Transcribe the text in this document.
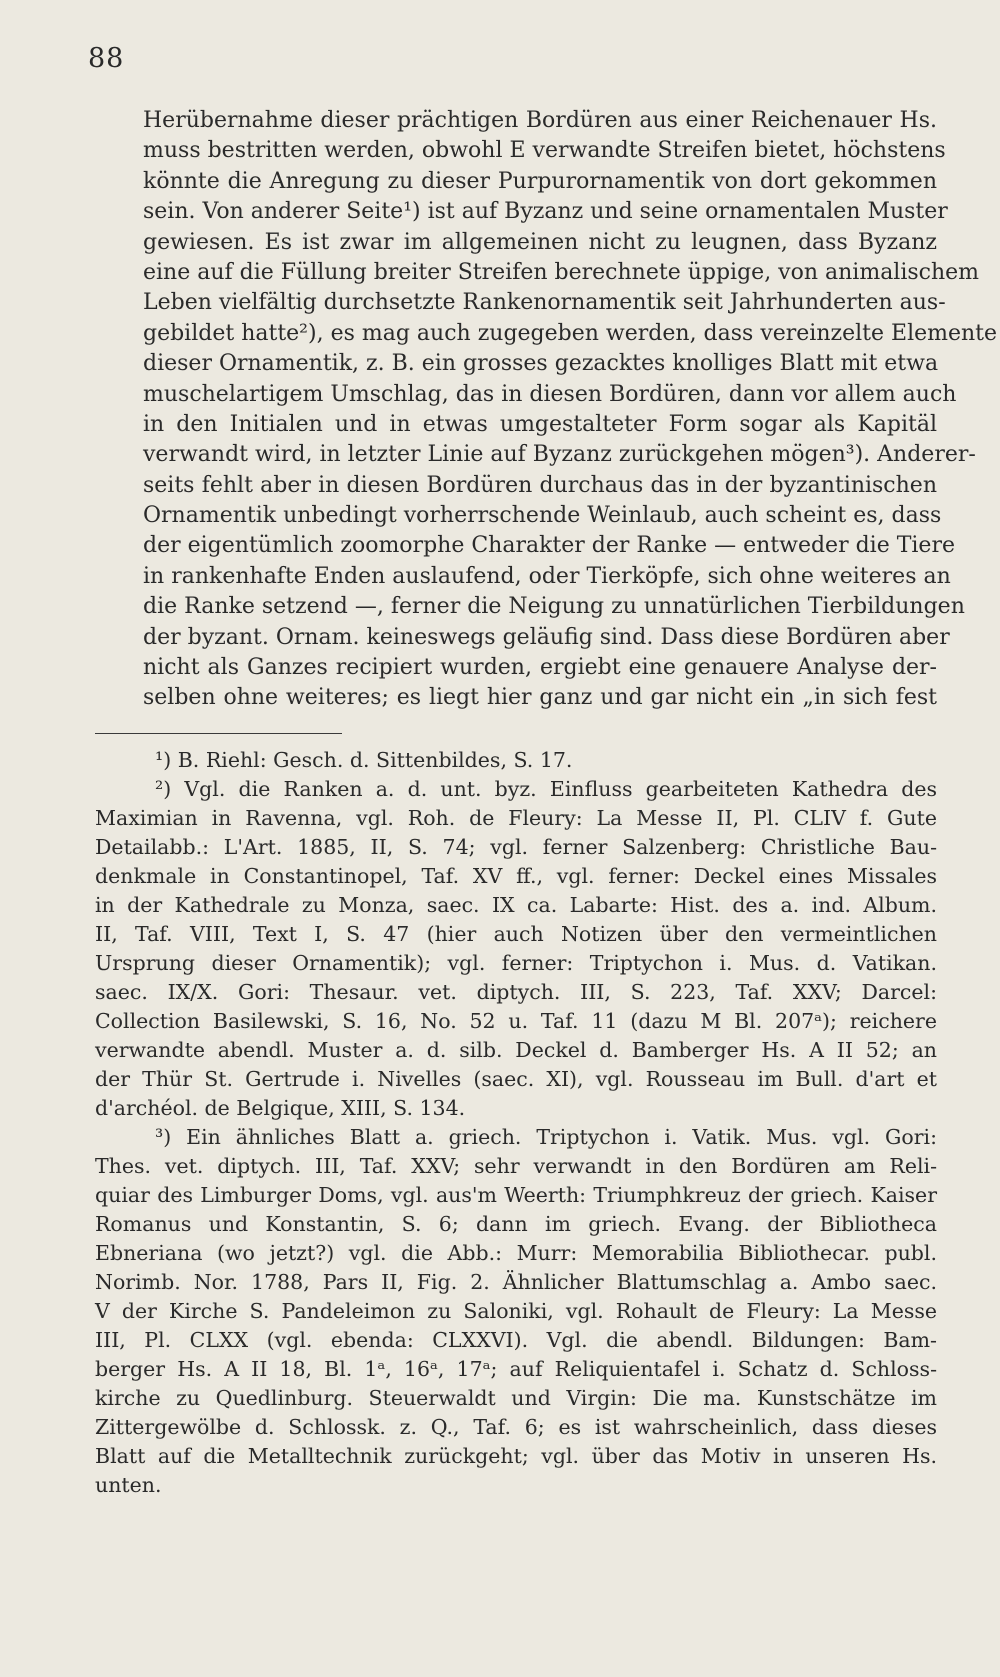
88
Herübernahme dieser prächtigen Bordüren aus einer Reichenauer Hs.
muss bestritten werden, obwohl E verwandte Streifen bietet, höchstens
könnte die Anregung zu dieser Purpurornamentik von dort gekommen
sein. Von anderer Seite¹) ist auf Byzanz und seine ornamentalen Muster
gewiesen. Es ist zwar im allgemeinen nicht zu leugnen, dass Byzanz
eine auf die Füllung breiter Streifen berechnete üppige, von animalischem
Leben vielfältig durchsetzte Rankenornamentik seit Jahrhunderten aus-
gebildet hatte²), es mag auch zugegeben werden, dass vereinzelte Elemente
dieser Ornamentik, z. B. ein grosses gezacktes knolliges Blatt mit etwa
muschelartigem Umschlag, das in diesen Bordüren, dann vor allem auch
in den Initialen und in etwas umgestalteter Form sogar als Kapitäl
verwandt wird, in letzter Linie auf Byzanz zurückgehen mögen³). Anderer-
seits fehlt aber in diesen Bordüren durchaus das in der byzantinischen
Ornamentik unbedingt vorherrschende Weinlaub, auch scheint es, dass
der eigentümlich zoomorphe Charakter der Ranke — entweder die Tiere
in rankenhafte Enden auslaufend, oder Tierköpfe, sich ohne weiteres an
die Ranke setzend —, ferner die Neigung zu unnatürlichen Tierbildungen
der byzant. Ornam. keineswegs geläufig sind. Dass diese Bordüren aber
nicht als Ganzes recipiert wurden, ergiebt eine genauere Analyse der-
selben ohne weiteres; es liegt hier ganz und gar nicht ein „in sich fest
¹) B. Riehl: Gesch. d. Sittenbildes, S. 17.
²) Vgl. die Ranken a. d. unt. byz. Einfluss gearbeiteten Kathedra des
Maximian in Ravenna, vgl. Roh. de Fleury: La Messe II, Pl. CLIV f. Gute
Detailabb.: L'Art. 1885, II, S. 74; vgl. ferner Salzenberg: Christliche Bau-
denkmale in Constantinopel, Taf. XV ff., vgl. ferner: Deckel eines Missales
in der Kathedrale zu Monza, saec. IX ca. Labarte: Hist. des a. ind. Album.
II, Taf. VIII, Text I, S. 47 (hier auch Notizen über den vermeintlichen
Ursprung dieser Ornamentik); vgl. ferner: Triptychon i. Mus. d. Vatikan.
saec. IX/X. Gori: Thesaur. vet. diptych. III, S. 223, Taf. XXV; Darcel:
Collection Basilewski, S. 16, No. 52 u. Taf. 11 (dazu M Bl. 207ᵃ); reichere
verwandte abendl. Muster a. d. silb. Deckel d. Bamberger Hs. A II 52; an
der Thür St. Gertrude i. Nivelles (saec. XI), vgl. Rousseau im Bull. d'art et
d'archéol. de Belgique, XIII, S. 134.
³) Ein ähnliches Blatt a. griech. Triptychon i. Vatik. Mus. vgl. Gori:
Thes. vet. diptych. III, Taf. XXV; sehr verwandt in den Bordüren am Reli-
quiar des Limburger Doms, vgl. aus'm Weerth: Triumphkreuz der griech. Kaiser
Romanus und Konstantin, S. 6; dann im griech. Evang. der Bibliotheca
Ebneriana (wo jetzt?) vgl. die Abb.: Murr: Memorabilia Bibliothecar. publ.
Norimb. Nor. 1788, Pars II, Fig. 2. Ähnlicher Blattumschlag a. Ambo saec.
V der Kirche S. Pandeleimon zu Saloniki, vgl. Rohault de Fleury: La Messe
III, Pl. CLXX (vgl. ebenda: CLXXVI). Vgl. die abendl. Bildungen: Bam-
berger Hs. A II 18, Bl. 1ᵃ, 16ᵃ, 17ᵃ; auf Reliquientafel i. Schatz d. Schloss-
kirche zu Quedlinburg. Steuerwaldt und Virgin: Die ma. Kunstschätze im
Zittergewölbe d. Schlossk. z. Q., Taf. 6; es ist wahrscheinlich, dass dieses
Blatt auf die Metalltechnik zurückgeht; vgl. über das Motiv in unseren Hs.
unten.
